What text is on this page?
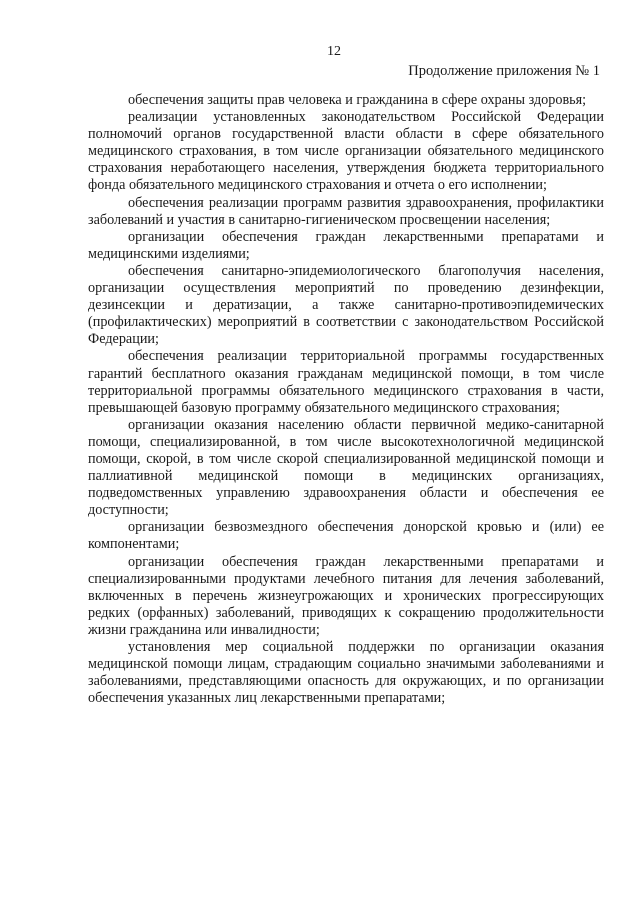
12
Продолжение приложения № 1

обеспечения защиты прав человека и гражданина в сфере охраны здоровья;

реализации установленных законодательством Российской Федерации полномочий органов государственной власти области в сфере обязательного медицинского страхования, в том числе организации обязательного медицинского страхования неработающего населения, утверждения бюджета территориального фонда обязательного медицинского страхования и отчета о его исполнении;

обеспечения реализации программ развития здравоохранения, профилактики заболеваний и участия в санитарно-гигиеническом просвещении населения;

организации обеспечения граждан лекарственными препаратами и медицинскими изделиями;

обеспечения санитарно-эпидемиологического благополучия населения, организации осуществления мероприятий по проведению дезинфекции, дезинсекции и дератизации, а также санитарно-противоэпидемических (профилактических) мероприятий в соответствии с законодательством Российской Федерации;

обеспечения реализации территориальной программы государственных гарантий бесплатного оказания гражданам медицинской помощи, в том числе территориальной программы обязательного медицинского страхования в части, превышающей базовую программу обязательного медицинского страхования;

организации оказания населению области первичной медико-санитарной помощи, специализированной, в том числе высокотехнологичной медицинской помощи, скорой, в том числе скорой специализированной медицинской помощи и паллиативной медицинской помощи в медицинских организациях, подведомственных управлению здравоохранения области и обеспечения ее доступности;

организации безвозмездного обеспечения донорской кровью и (или) ее компонентами;

организации обеспечения граждан лекарственными препаратами и специализированными продуктами лечебного питания для лечения заболеваний, включенных в перечень жизнеугрожающих и хронических прогрессирующих редких (орфанных) заболеваний, приводящих к сокращению продолжительности жизни гражданина или инвалидности;

установления мер социальной поддержки по организации оказания медицинской помощи лицам, страдающим социально значимыми заболеваниями и заболеваниями, представляющими опасность для окружающих, и по организации обеспечения указанных лиц лекарственными препаратами;
